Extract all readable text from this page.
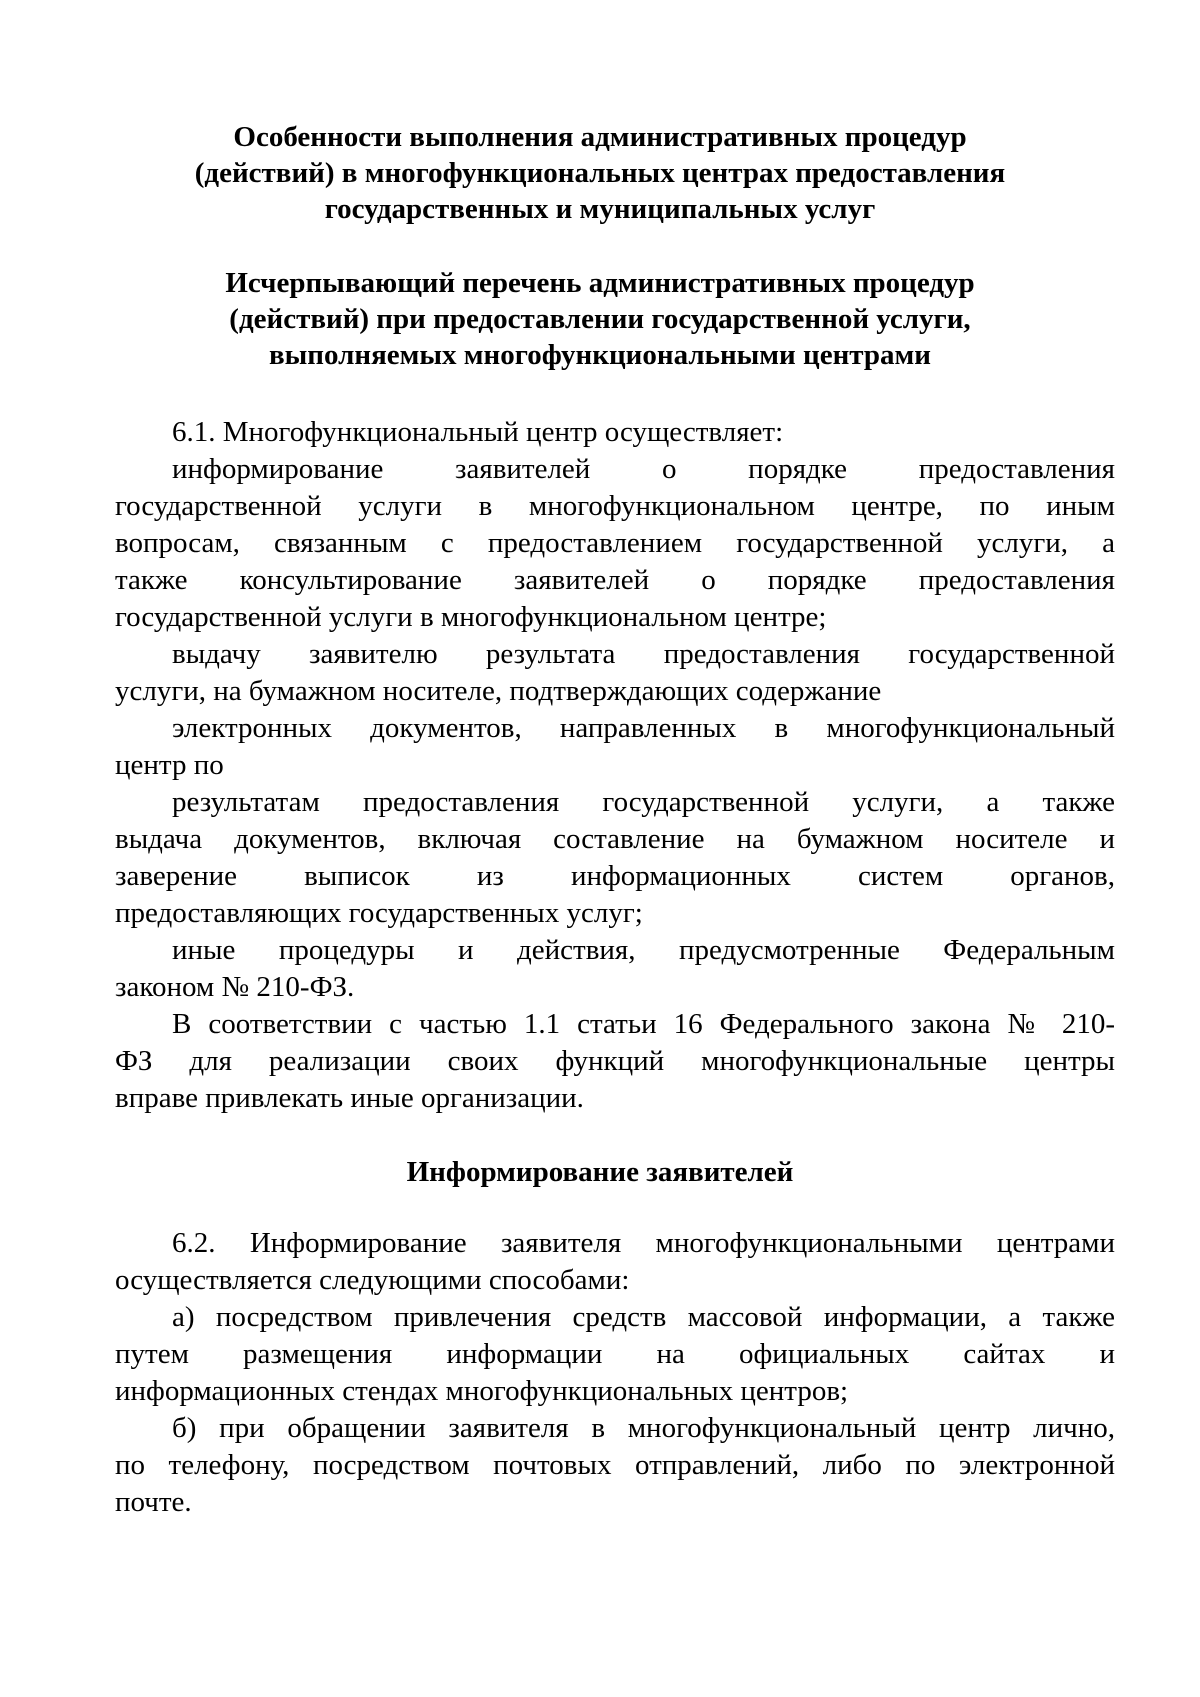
Особенности выполнения административных процедур
(действий) в многофункциональных центрах предоставления
государственных и муниципальных услуг
Исчерпывающий перечень административных процедур
(действий) при предоставлении государственной услуги,
выполняемых многофункциональными центрами

6.1. Многофункциональный центр осуществляет:

информирование заявителей о порядке предоставления
государственной услуги в многофункциональном центре, по иным
вопросам, связанным с предоставлением государственной услуги, а
также консультирование заявителей о порядке предоставления
государственной услуги в многофункциональном центре;

выдачу заявителю результата предоставления государственной
услуги, на бумажном носителе, подтверждающих содержание

электронных документов, направленных в многофункциональный
центр по

результатам предоставления государственной услуги, а также
выдача документов, включая составление на бумажном носителе и
заверение выписок из информационных систем органов,
предоставляющих государственных услуг;

иные процедуры и действия, предусмотренные Федеральным
законом № 210-ФЗ.

В соответствии с частью 1.1 статьи 16 Федерального закона № 210-
ФЗ для реализации своих функций многофункциональные центры
вправе привлекать иные организации.

Информирование заявителей

6.2. Информирование заявителя многофункциональными центрами
осуществляется следующими способами:

а) посредством привлечения средств массовой информации, а также
путем размещения информации на официальных сайтах и
информационных стендах многофункциональных центров;

б) при обращении заявителя в многофункциональный центр лично,
по телефону, посредством почтовых отправлений, либо по электронной
почте.
